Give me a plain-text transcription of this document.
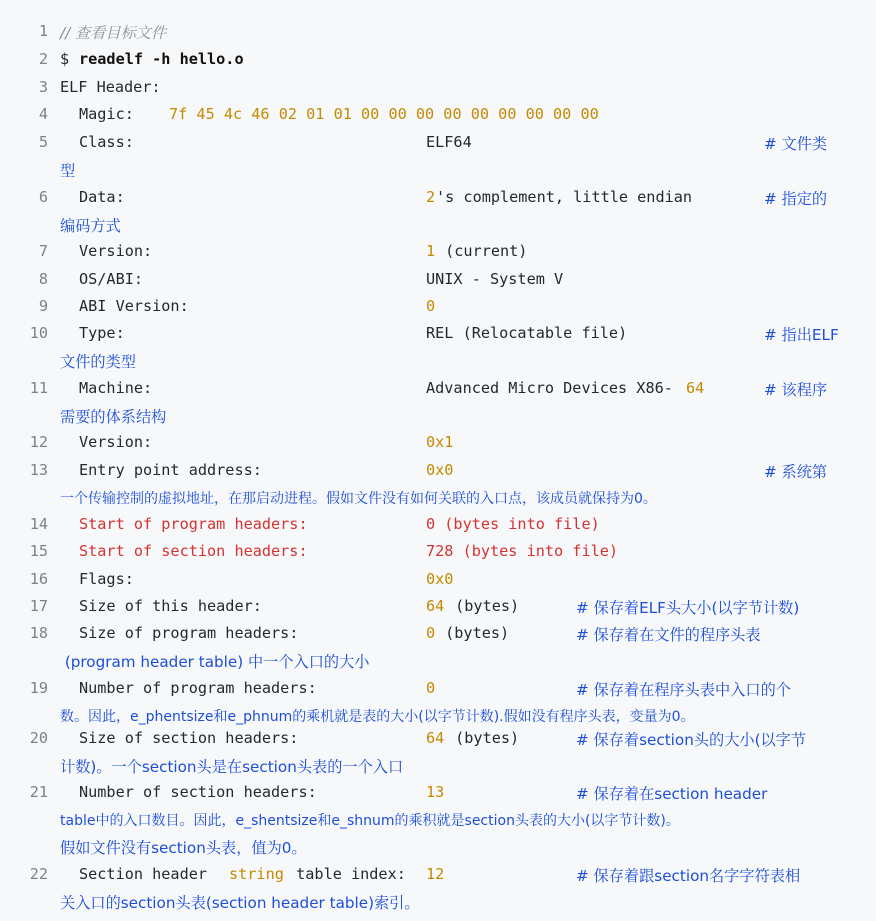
1 // 查看目标文件
2 $ readelf -h hello.o
3 ELF Header:
4 Magic: 7f 45 4c 46 02 01 01 00 00 00 00 00 00 00 00 00
5 Class:	ELF64	# 文件类
型
6 Data:	2 's complement, little endian	# 指定的
编码方式
7 Version:	1 (current)
8 OS/ABI:	UNIX - System V
9 ABI Version:	0
10 Type:	REL (Relocatable file)	# 指出ELF
文件的类型
11 Machine:	Advanced Micro Devices X86- 64	# 该程序
需要的体系结构
12 Version:	0x1
13 Entry point address:	0x0	# 系统第
一个传输控制的虚拟地址，在那启动进程。假如文件没有如何关联的入口点，该成员就保持为0。
14 Start of program headers:	0 (bytes into file)
15 Start of section headers:	728 (bytes into file)
16 Flags:	0x0
17 Size of this header:	64 (bytes)	# 保存着ELF头大小(以字节计数)
18 Size of program headers:	0 (bytes)	# 保存着在文件的程序头表
(program header table) 中一个入口的大小
19 Number of program headers:	0	# 保存着在程序头表中入口的个
数。因此，e_phentsize和e_phnum的乘机就是表的大小(以字节计数).假如没有程序头表，变量为0。
20 Size of section headers:	64 (bytes)	# 保存着section头的大小(以字节
计数)。一个section头是在section头表的一个入口
21 Number of section headers:	13	# 保存着在section header
table中的入口数目。因此，e_shentsize和e_shnum的乘积就是section头表的大小(以字节计数)。
假如文件没有section头表，值为0。
22 Section header string table index: 12	# 保存着跟section名字字符表相
关入口的section头表(section header table)索引。
